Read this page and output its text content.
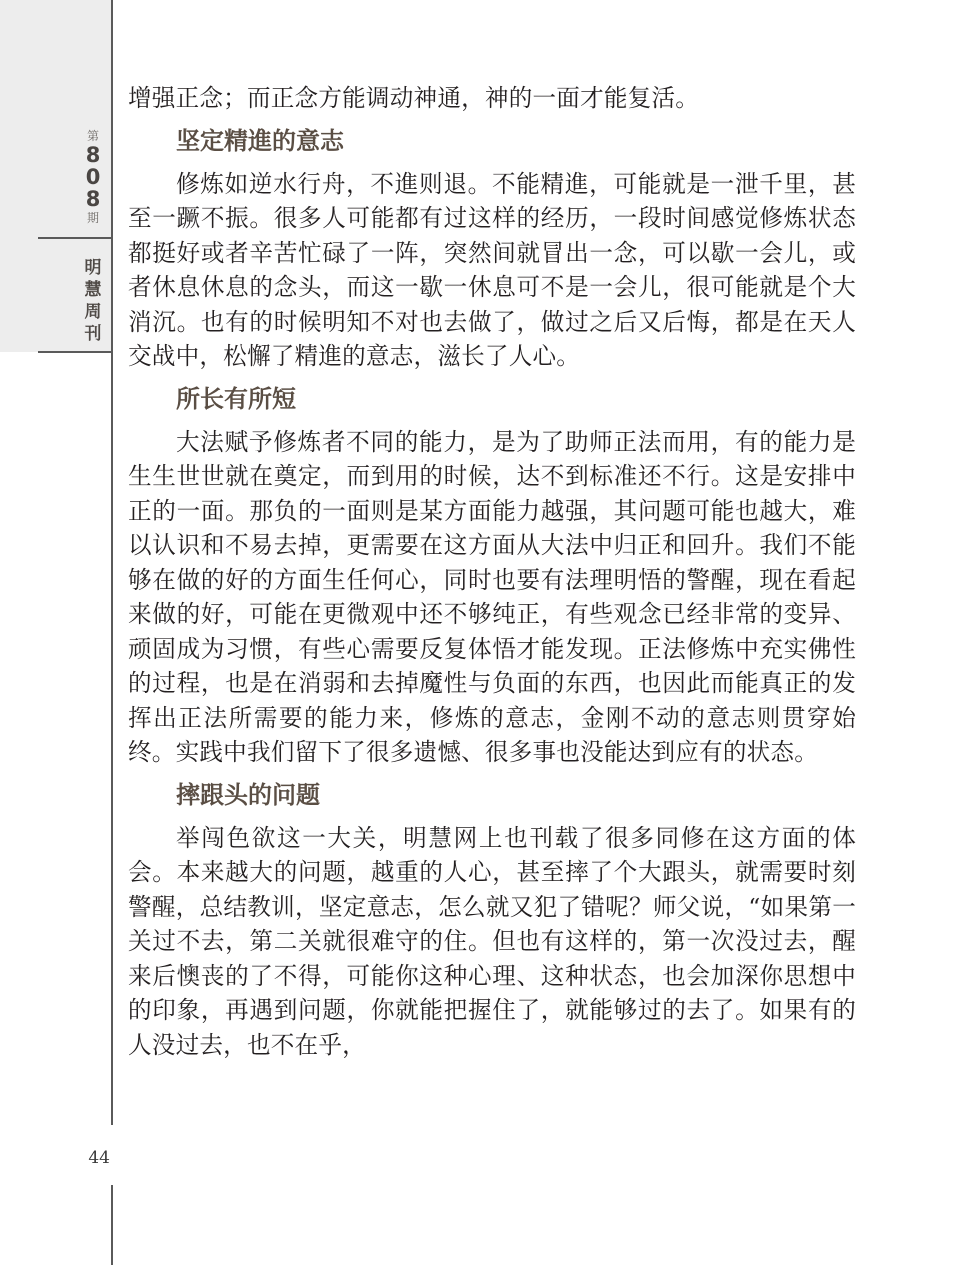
第
8
0
8
期
明
慧
周
刊
44

增强正念；而正念方能调动神通，神的一面才能复活。

坚定精進的意志

修炼如逆水行舟，不進则退。不能精進，可能就是一泄千里，甚至一蹶不振。很多人可能都有过这样的经历，一段时间感觉修炼状态都挺好或者辛苦忙碌了一阵，突然间就冒出一念，可以歇一会儿，或者休息休息的念头，而这一歇一休息可不是一会儿，很可能就是个大消沉。也有的时候明知不对也去做了，做过之后又后悔，都是在天人交战中，松懈了精進的意志，滋长了人心。

所长有所短

大法赋予修炼者不同的能力，是为了助师正法而用，有的能力是生生世世就在奠定，而到用的时候，达不到标准还不行。这是安排中正的一面。那负的一面则是某方面能力越强，其问题可能也越大，难以认识和不易去掉，更需要在这方面从大法中归正和回升。我们不能够在做的好的方面生任何心，同时也要有法理明悟的警醒，现在看起来做的好，可能在更微观中还不够纯正，有些观念已经非常的变异、顽固成为习惯，有些心需要反复体悟才能发现。正法修炼中充实佛性的过程，也是在消弱和去掉魔性与负面的东西，也因此而能真正的发挥出正法所需要的能力来，修炼的意志，金刚不动的意志则贯穿始终。实践中我们留下了很多遗憾、很多事也没能达到应有的状态。

摔跟头的问题

举闯色欲这一大关，明慧网上也刊载了很多同修在这方面的体会。本来越大的问题，越重的人心，甚至摔了个大跟头，就需要时刻警醒，总结教训，坚定意志，怎么就又犯了错呢？师父说，“如果第一关过不去，第二关就很难守的住。但也有这样的，第一次没过去，醒来后懊丧的了不得，可能你这种心理、这种状态，也会加深你思想中的印象，再遇到问题，你就能把握住了，就能够过的去了。如果有的人没过去，也不在乎，
